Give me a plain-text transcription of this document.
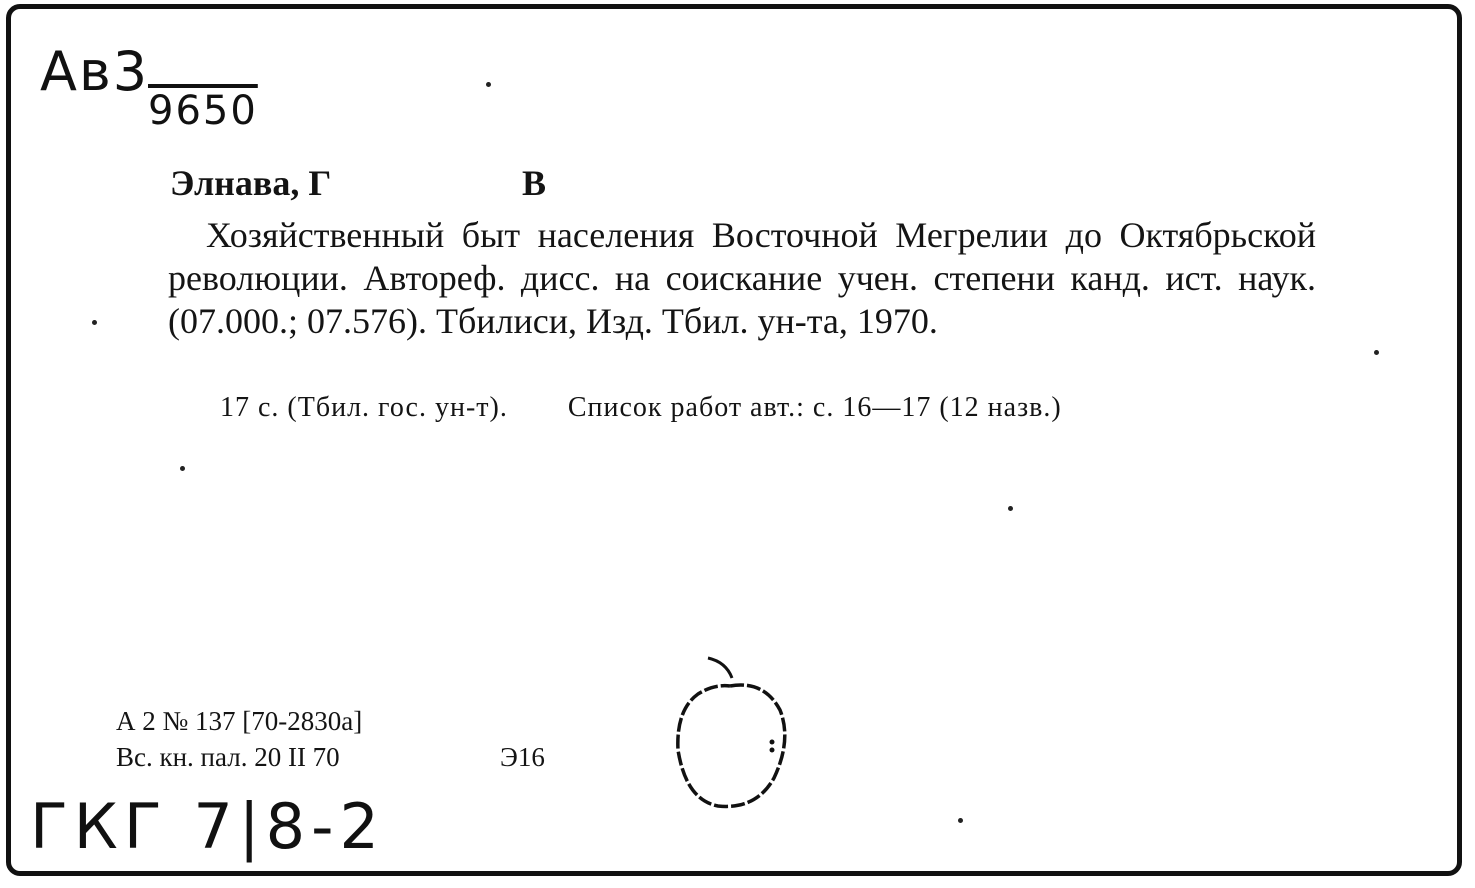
Ав3
9650
Элнава, Г	В
Хозяйственный быт населения Восточной Мегрелии до Октябрьской революции. Автореф. дисс. на соискание учен. степени канд. ист. наук. (07.000.; 07.576). Тбилиси, Изд. Тбил. ун-та, 1970.
17 с. (Тбил. гос. ун-т). Список работ авт.: с. 16—17 (12 назв.)
А 2 № 137 [70-2830а]
Вс. кн. пал. 20 II 70	Э16
ГКГ 7|8-2
